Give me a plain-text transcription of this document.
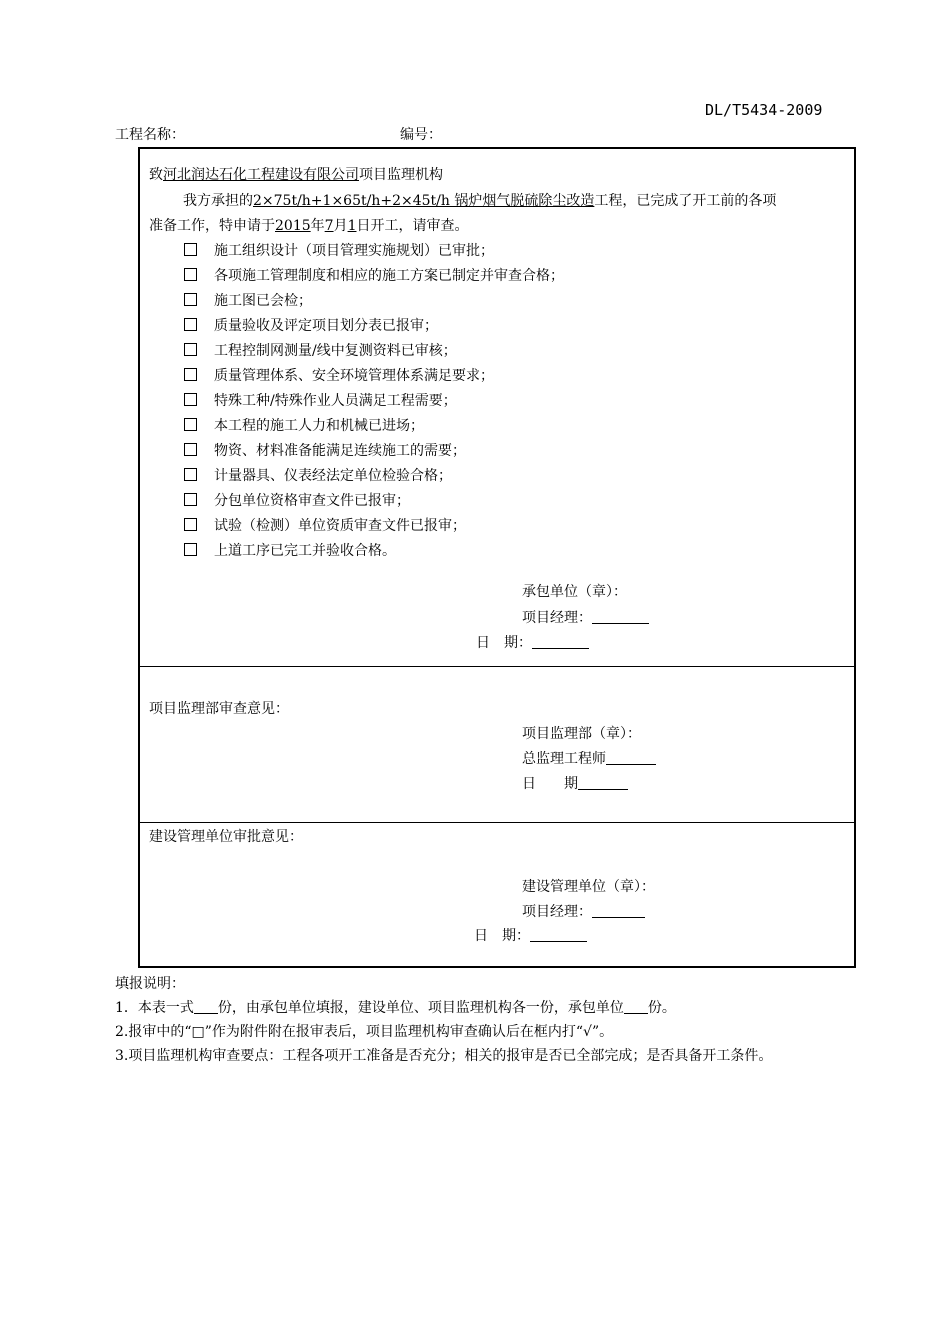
DL/T5434-2009
工程名称：	编号：
致河北润达石化工程建设有限公司项目监理机构
我方承担的2×75t/h+1×65t/h+2×45t/h 锅炉烟气脱硫除尘改造工程，已完成了开工前的各项
准备工作，特申请于2015年7月1日开工，请审查。
施工组织设计（项目管理实施规划）已审批；
各项施工管理制度和相应的施工方案已制定并审查合格；
施工图已会检；
质量验收及评定项目划分表已报审；
工程控制网测量/线中复测资料已审核；
质量管理体系、安全环境管理体系满足要求；
特殊工种/特殊作业人员满足工程需要；
本工程的施工人力和机械已进场；
物资、材料准备能满足连续施工的需要；
计量器具、仪表经法定单位检验合格；
分包单位资格审查文件已报审；
试验（检测）单位资质审查文件已报审；
上道工序已完工并验收合格。
承包单位（章）：
项目经理：
日　期：
项目监理部审查意见：
项目监理部（章）：
总监理工程师
日　　期
建设管理单位审批意见：
建设管理单位（章）：
项目经理：
日　期：
填报说明：
1．本表一式 份，由承包单位填报，建设单位、项目监理机构各一份，承包单位 份。
2.报审中的“□”作为附件附在报审表后，项目监理机构审查确认后在框内打“√”。
3.项目监理机构审查要点：工程各项开工准备是否充分；相关的报审是否已全部完成；是否具备开工条件。
